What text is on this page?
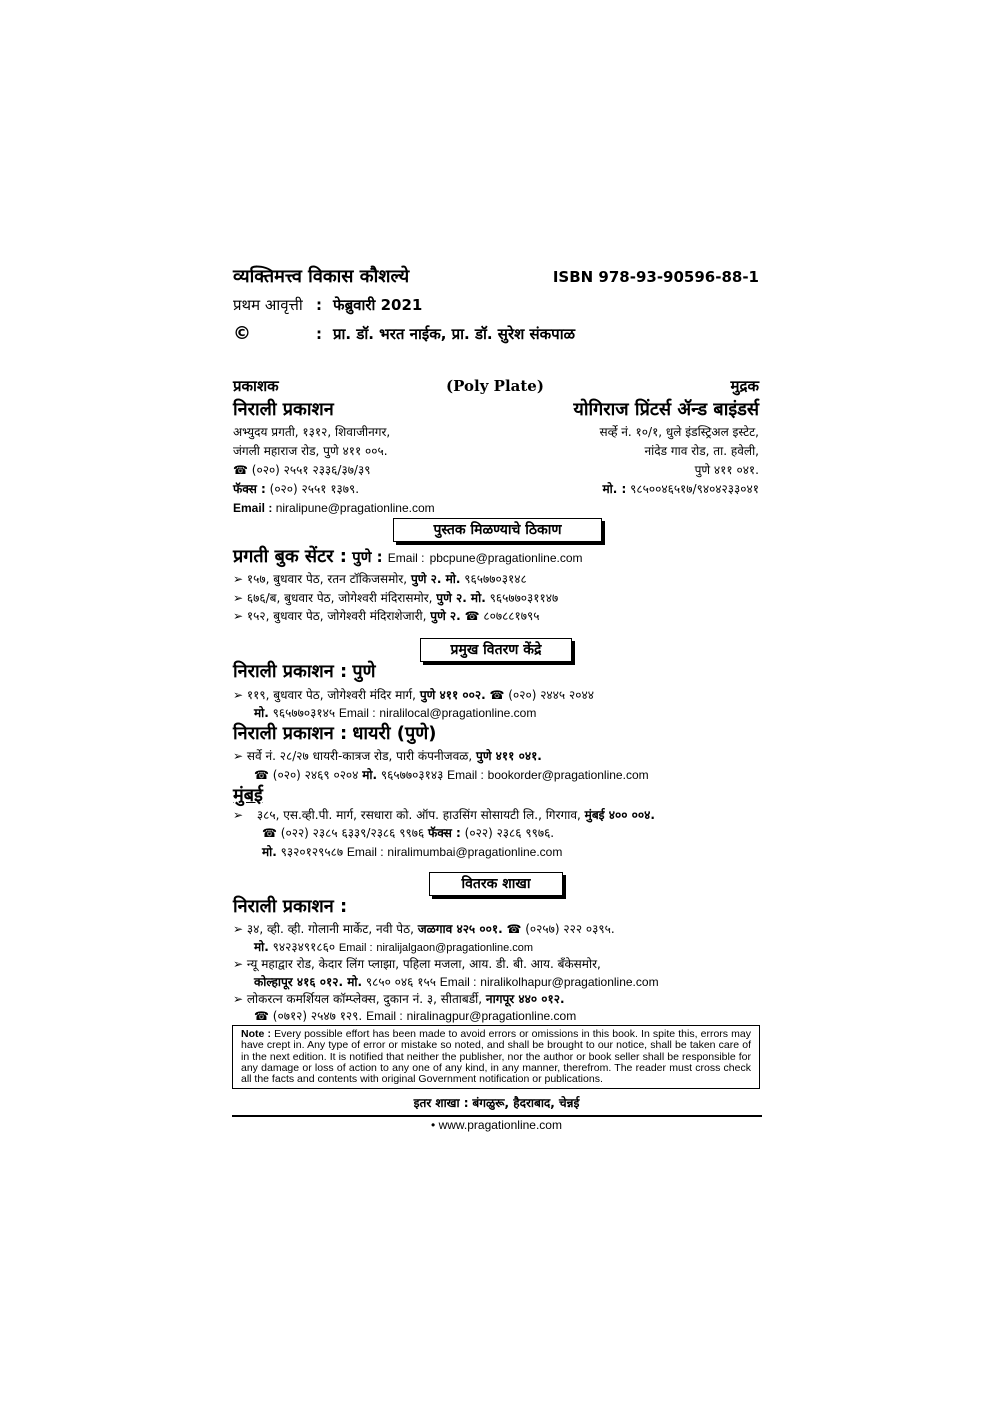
व्यक्तिमत्त्व विकास कौशल्ये	ISBN 978-93-90596-88-1
प्रथम आवृत्ती : फेब्रुवारी 2021
©	: प्रा. डॉ. भरत नाईक, प्रा. डॉ. सुरेश संकपाळ
प्रकाशक	(Poly Plate)	मुद्रक
निराली प्रकाशन	योगिराज प्रिंटर्स ॲन्ड बाइंडर्स
अभ्युदय प्रगती, १३१२, शिवाजीनगर,
जंगली महाराज रोड, पुणे ४११ ००५.
☎ (०२०) २५५१ २३३६/३७/३९
फॅक्स : (०२०) २५५१ १३७९.
Email : niralipune@pragationline.com
सर्व्हे नं. १०/१, धुले इंडस्ट्रिअल इस्टेट,
नांदेड गाव रोड, ता. हवेली,
पुणे ४११ ०४१.
मो. : ९८५००४६५१७/९४०४२३३०४१
पुस्तक मिळण्याचे ठिकाण
प्रगती बुक सेंटर : पुणे : Email : pbcpune@pragationline.com
➢ १५७, बुधवार पेठ, रतन टॉकिजसमोर, पुणे २. मो. ९६५७७०३१४८
➢ ६७६/ब, बुधवार पेठ, जोगेश्वरी मंदिरासमोर, पुणे २. मो. ९६५७७०३११४७
➢ १५२, बुधवार पेठ, जोगेश्वरी मंदिराशेजारी, पुणे २. ☎ ८०७८८१७९५
प्रमुख वितरण केंद्रे
निराली प्रकाशन : पुणे
➢ ११९, बुधवार पेठ, जोगेश्वरी मंदिर मार्ग, पुणे ४११ ००२. ☎ (०२०) २४४५ २०४४
मो. ९६५७७०३१४५ Email : niralilocal@pragationline.com
निराली प्रकाशन : धायरी (पुणे)
➢ सर्वे नं. २८/२७ धायरी-कात्रज रोड, पारी कंपनीजवळ, पुणे ४११ ०४१.
☎ (०२०) २४६९ ०२०४ मो. ९६५७७०३१४३ Email : bookorder@pragationline.com
मुंबई
➢ ३८५, एस.व्ही.पी. मार्ग, रसधारा को. ऑप. हाउसिंग सोसायटी लि., गिरगाव, मुंबई ४०० ००४.
☎ (०२२) २३८५ ६३३९/२३८६ ९९७६ फॅक्स : (०२२) २३८६ ९९७६.
मो. ९३२०१२९५८७ Email : niralimumbai@pragationline.com
वितरक शाखा
निराली प्रकाशन :
➢ ३४, व्ही. व्ही. गोलानी मार्केट, नवी पेठ, जळगाव ४२५ ००१. ☎ (०२५७) २२२ ०३९५.
मो. ९४२३४९१८६० Email : niralijalgaon@pragationline.com
➢ न्यू महाद्वार रोड, केदार लिंग प्लाझा, पहिला मजला, आय. डी. बी. आय. बँकेसमोर,
कोल्हापूर ४१६ ०१२. मो. ९८५० ०४६ १५५ Email : niralikolhapur@pragationline.com
➢ लोकरत्न कमर्शियल कॉम्प्लेक्स, दुकान नं. ३, सीताबर्डी, नागपूर ४४० ०१२.
☎ (०७१२) २५४७ १२९. Email : niralinagpur@pragationline.com
Note : Every possible effort has been made to avoid errors or omissions in this book. In spite this, errors may have crept in. Any type of error or mistake so noted, and shall be brought to our notice, shall be taken care of in the next edition. It is notified that neither the publisher, nor the author or book seller shall be responsible for any damage or loss of action to any one of any kind, in any manner, therefrom. The reader must cross check all the facts and contents with original Government notification or publications.
इतर शाखा : बंगळुरू, हैदराबाद, चेन्नई
• www.pragationline.com
